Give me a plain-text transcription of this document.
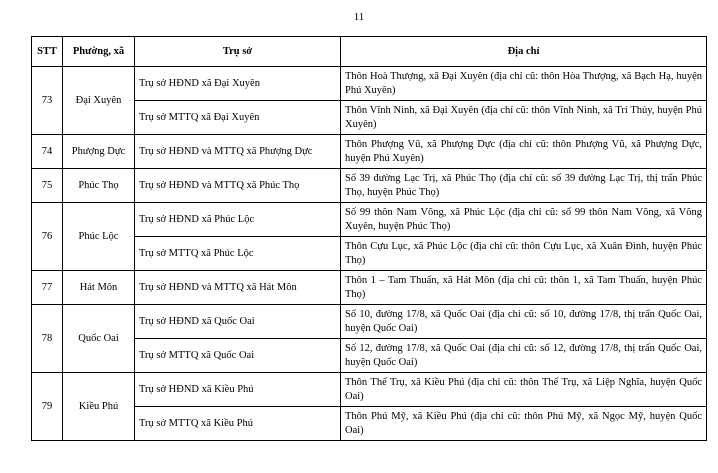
11
STT	Phường, xã	Trụ sở	Địa chỉ
73	Đại Xuyên	Trụ sở HĐND xã Đại Xuyên	Thôn Hoà Thượng, xã Đại Xuyên (địa chỉ cũ: thôn Hòa Thượng, xã Bạch Hạ, huyện Phú Xuyên)
		Trụ sở MTTQ xã Đại Xuyên	Thôn Vĩnh Ninh, xã Đại Xuyên (địa chỉ cũ: thôn Vĩnh Ninh, xã Tri Thủy, huyện Phú Xuyên)
74	Phượng Dực	Trụ sở HĐND và MTTQ xã Phượng Dực	Thôn Phượng Vũ, xã Phượng Dực (địa chỉ cũ: thôn Phượng Vũ, xã Phượng Dực, huyện Phú Xuyên)
75	Phúc Thọ	Trụ sở HĐND và MTTQ xã Phúc Thọ	Số 39 đường Lạc Trị, xã Phúc Thọ (địa chỉ cũ: số 39 đường Lạc Trị, thị trấn Phúc Thọ, huyện Phúc Thọ)
76	Phúc Lộc	Trụ sở HĐND xã Phúc Lộc	Số 99 thôn Nam Võng, xã Phúc Lộc (địa chỉ cũ: số 99 thôn Nam Võng, xã Võng Xuyên, huyện Phúc Thọ)
		Trụ sở MTTQ xã Phúc Lộc	Thôn Cựu Lục, xã Phúc Lộc (địa chỉ cũ: thôn Cựu Lục, xã Xuân Đình, huyện Phúc Thọ)
77	Hát Môn	Trụ sở HĐND và MTTQ xã Hát Môn	Thôn 1 – Tam Thuấn, xã Hát Môn (địa chỉ cũ: thôn 1, xã Tam Thuấn, huyện Phúc Thọ)
78	Quốc Oai	Trụ sở HĐND xã Quốc Oai	Số 10, đường 17/8, xã Quốc Oai (địa chỉ cũ: số 10, đường 17/8, thị trấn Quốc Oai, huyện Quốc Oai)
		Trụ sở MTTQ xã Quốc Oai	Số 12, đường 17/8, xã Quốc Oai (địa chỉ cũ: số 12, đường 17/8, thị trấn Quốc Oai, huyện Quốc Oai)
79	Kiều Phú	Trụ sở HĐND xã Kiều Phú	Thôn Thế Trụ, xã Kiều Phú (địa chỉ cũ: thôn Thế Trụ, xã Liệp Nghĩa, huyện Quốc Oai)
		Trụ sở MTTQ xã Kiều Phú	Thôn Phú Mỹ, xã Kiều Phú (địa chỉ cũ: thôn Phú Mỹ, xã Ngọc Mỹ, huyện Quốc Oai)
